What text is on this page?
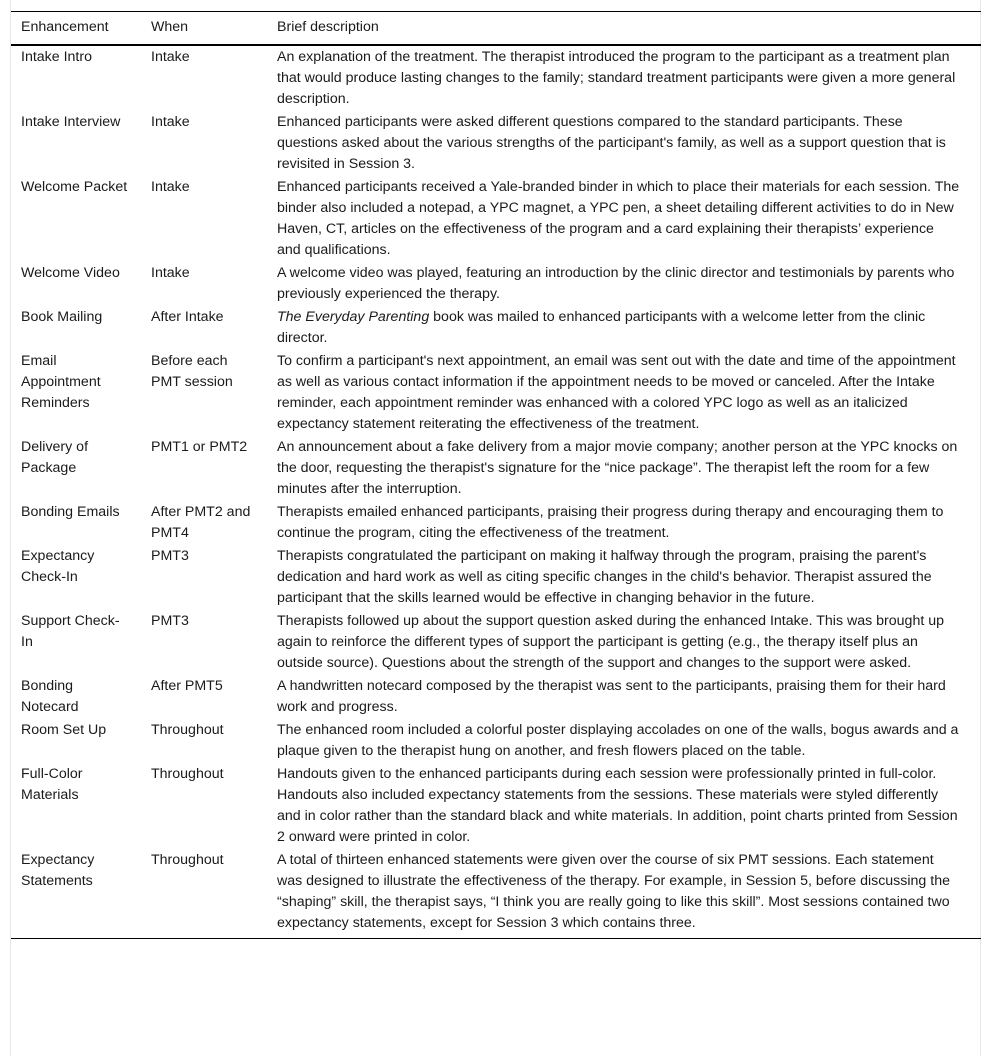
Enhancement	When	Brief description
Intake Intro	Intake	An explanation of the treatment. The therapist introduced the program to the participant as a treatment plan that would produce lasting changes to the family; standard treatment participants were given a more general description.
Intake Interview	Intake	Enhanced participants were asked different questions compared to the standard participants. These questions asked about the various strengths of the participant's family, as well as a support question that is revisited in Session 3.
Welcome Packet	Intake	Enhanced participants received a Yale-branded binder in which to place their materials for each session. The binder also included a notepad, a YPC magnet, a YPC pen, a sheet detailing different activities to do in New Haven, CT, articles on the effectiveness of the program and a card explaining their therapists’ experience and qualifications.
Welcome Video	Intake	A welcome video was played, featuring an introduction by the clinic director and testimonials by parents who previously experienced the therapy.
Book Mailing	After Intake	The Everyday Parenting book was mailed to enhanced participants with a welcome letter from the clinic director.
Email Appointment Reminders	Before each PMT session	To confirm a participant's next appointment, an email was sent out with the date and time of the appointment as well as various contact information if the appointment needs to be moved or canceled. After the Intake reminder, each appointment reminder was enhanced with a colored YPC logo as well as an italicized expectancy statement reiterating the effectiveness of the treatment.
Delivery of Package	PMT1 or PMT2	An announcement about a fake delivery from a major movie company; another person at the YPC knocks on the door, requesting the therapist's signature for the “nice package”. The therapist left the room for a few minutes after the interruption.
Bonding Emails	After PMT2 and PMT4	Therapists emailed enhanced participants, praising their progress during therapy and encouraging them to continue the program, citing the effectiveness of the treatment.
Expectancy Check-In	PMT3	Therapists congratulated the participant on making it halfway through the program, praising the parent's dedication and hard work as well as citing specific changes in the child's behavior. Therapist assured the participant that the skills learned would be effective in changing behavior in the future.
Support Check-In	PMT3	Therapists followed up about the support question asked during the enhanced Intake. This was brought up again to reinforce the different types of support the participant is getting (e.g., the therapy itself plus an outside source). Questions about the strength of the support and changes to the support were asked.
Bonding Notecard	After PMT5	A handwritten notecard composed by the therapist was sent to the participants, praising them for their hard work and progress.
Room Set Up	Throughout	The enhanced room included a colorful poster displaying accolades on one of the walls, bogus awards and a plaque given to the therapist hung on another, and fresh flowers placed on the table.
Full-Color Materials	Throughout	Handouts given to the enhanced participants during each session were professionally printed in full-color. Handouts also included expectancy statements from the sessions. These materials were styled differently and in color rather than the standard black and white materials. In addition, point charts printed from Session 2 onward were printed in color.
Expectancy Statements	Throughout	A total of thirteen enhanced statements were given over the course of six PMT sessions. Each statement was designed to illustrate the effectiveness of the therapy. For example, in Session 5, before discussing the “shaping” skill, the therapist says, “I think you are really going to like this skill”. Most sessions contained two expectancy statements, except for Session 3 which contains three.
